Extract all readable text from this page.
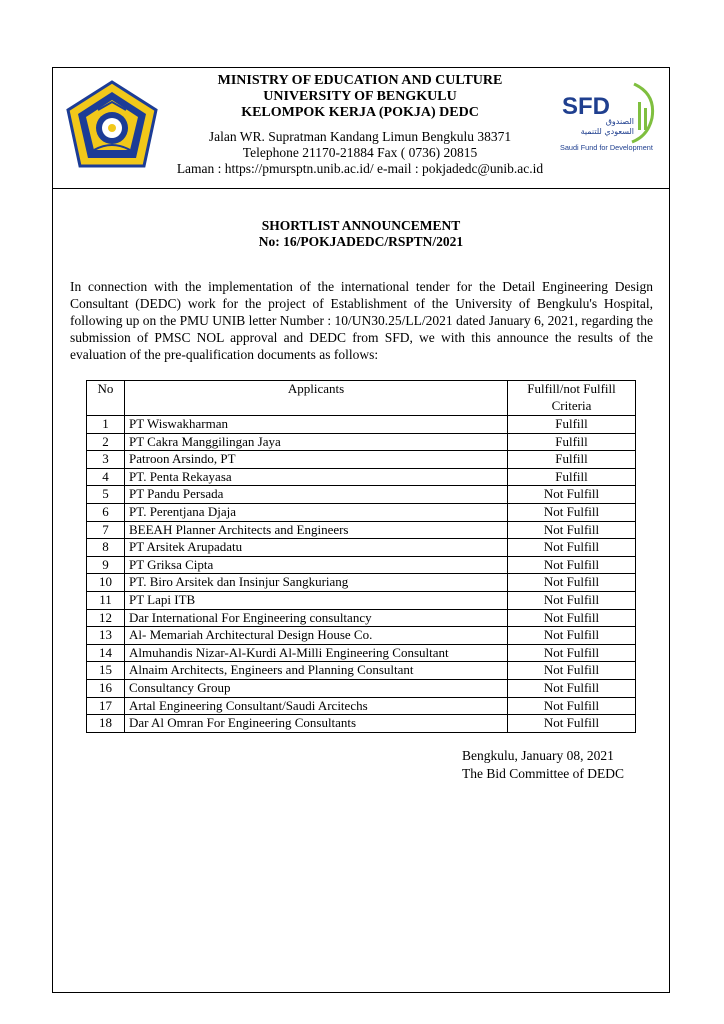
SFD
الصندوق
السعودي للتنمية
Saudi Fund for Development
MINISTRY OF EDUCATION AND CULTURE
UNIVERSITY OF BENGKULU
KELOMPOK KERJA (POKJA) DEDC
Jalan WR. Supratman Kandang Limun Bengkulu 38371
Telephone 21170-21884 Fax ( 0736) 20815
Laman : https://pmursptn.unib.ac.id/ e-mail : pokjadedc@unib.ac.id
SHORTLIST ANNOUNCEMENT
No: 16/POKJADEDC/RSPTN/2021
In connection with the implementation of the international tender for the Detail Engineering Design Consultant (DEDC) work for the project of Establishment of the University of Bengkulu's Hospital, following up on the PMU UNIB letter Number : 10/UN30.25/LL/2021 dated January 6, 2021, regarding the submission of PMSC NOL approval and DEDC from SFD, we with this announce the results of the evaluation of the pre-qualification documents as follows:
No	Applicants	Fulfill/not Fulfill Criteria
1	PT Wiswakharman	Fulfill
2	PT Cakra Manggilingan Jaya	Fulfill
3	Patroon Arsindo, PT	Fulfill
4	PT. Penta Rekayasa	Fulfill
5	PT Pandu Persada	Not Fulfill
6	PT. Perentjana Djaja	Not Fulfill
7	BEEAH Planner Architects and Engineers	Not Fulfill
8	PT Arsitek Arupadatu	Not Fulfill
9	PT Griksa Cipta	Not Fulfill
10	PT. Biro Arsitek dan Insinjur Sangkuriang	Not Fulfill
11	PT Lapi ITB	Not Fulfill
12	Dar International For Engineering consultancy	Not Fulfill
13	Al- Memariah Architectural Design House Co.	Not Fulfill
14	Almuhandis Nizar-Al-Kurdi Al-Milli Engineering Consultant	Not Fulfill
15	Alnaim Architects, Engineers and Planning Consultant	Not Fulfill
16	Consultancy Group	Not Fulfill
17	Artal Engineering Consultant/Saudi Arcitechs	Not Fulfill
18	Dar Al Omran For Engineering Consultants	Not Fulfill
Bengkulu, January 08, 2021
The Bid Committee of DEDC
